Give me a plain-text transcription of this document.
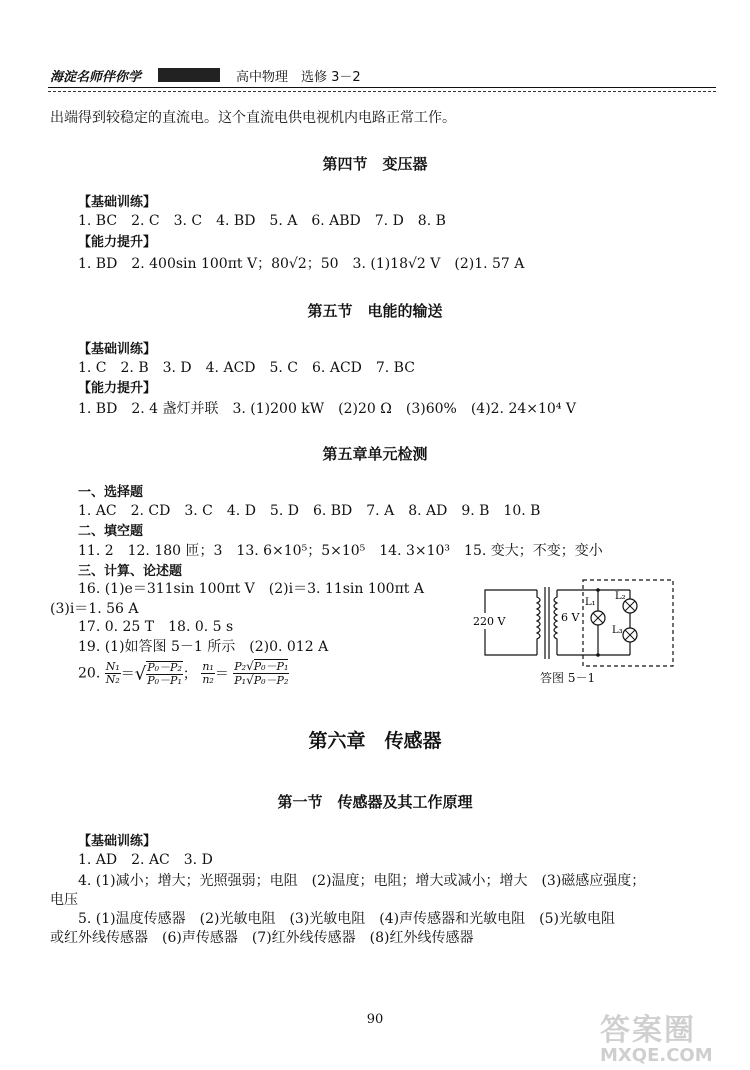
海淀名师伴你学	高中物理　选修 3－2
出端得到较稳定的直流电。这个直流电供电视机内电路正常工作。
第四节　变压器
【基础训练】
1. BC　2. C　3. C　4. BD　5. A　6. ABD　7. D　8. B
【能力提升】
1. BD　2. 400sin 100πt V；80√2；50　3. (1)18√2 V　(2)1. 57 A
第五节　电能的输送
【基础训练】
1. C　2. B　3. D　4. ACD　5. C　6. ACD　7. BC
【能力提升】
1. BD　2. 4 盏灯并联　3. (1)200 kW　(2)20 Ω　(3)60%　(4)2. 24×10⁴ V
第五章单元检测
一、选择题
1. AC　2. CD　3. C　4. D　5. D　6. BD　7. A　8. AD　9. B　10. B
二、填空题
11. 2　12. 180 匝；3　13. 6×10⁵；5×10⁵　14. 3×10³　15. 变大；不变；变小
三、计算、论述题
16. (1)e＝311sin 100πt V　(2)i＝3. 11sin 100πt A
(3)i＝1. 56 A
17. 0. 25 T　18. 0. 5 s
19. (1)如答图 5－1 所示　(2)0. 012 A
20. $\frac{\text{N₁}}{\text{N₂}}$ ＝√ $\frac{\text{P₀－P₂}}{\text{P₀－P₁}}$ ； $\frac{\text{n₁}}{\text{n₂}} = \frac{\text{P₂√P₀－P₁}}{\text{P₁√P₀－P₂}}$
220 V	6 V
L₁
L₂
L₃
答图 5－1
第六章　传感器
第一节　传感器及其工作原理
【基础训练】
1. AD　2. AC　3. D
4. (1)减小；增大；光照强弱；电阻　(2)温度；电阻；增大或减小；增大　(3)磁感应强度；
电压
5. (1)温度传感器　(2)光敏电阻　(3)光敏电阻　(4)声传感器和光敏电阻　(5)光敏电阻
或红外线传感器　(6)声传感器　(7)红外线传感器　(8)红外线传感器
90	答案圈
MXQE.COM
